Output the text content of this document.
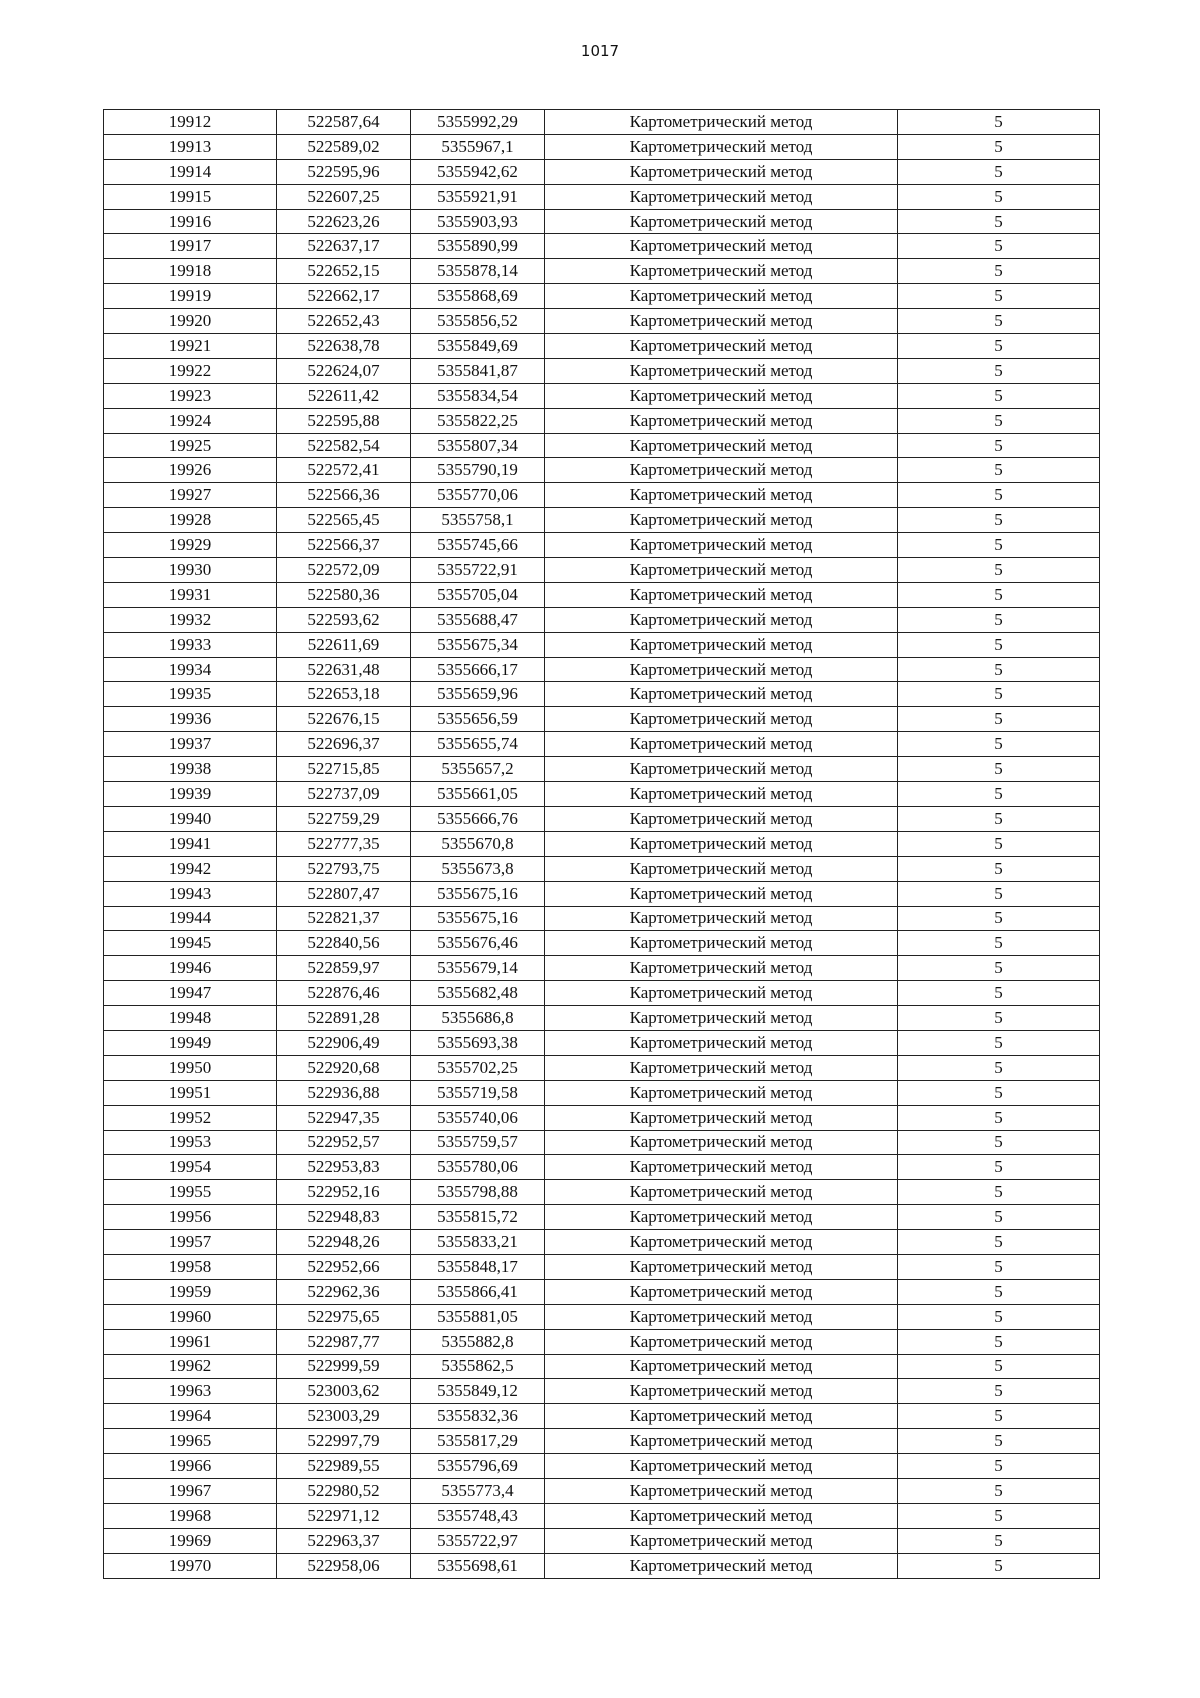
1017
19912	522587,64	5355992,29	Картометрический метод	5
19913	522589,02	5355967,1	Картометрический метод	5
19914	522595,96	5355942,62	Картометрический метод	5
19915	522607,25	5355921,91	Картометрический метод	5
19916	522623,26	5355903,93	Картометрический метод	5
19917	522637,17	5355890,99	Картометрический метод	5
19918	522652,15	5355878,14	Картометрический метод	5
19919	522662,17	5355868,69	Картометрический метод	5
19920	522652,43	5355856,52	Картометрический метод	5
19921	522638,78	5355849,69	Картометрический метод	5
19922	522624,07	5355841,87	Картометрический метод	5
19923	522611,42	5355834,54	Картометрический метод	5
19924	522595,88	5355822,25	Картометрический метод	5
19925	522582,54	5355807,34	Картометрический метод	5
19926	522572,41	5355790,19	Картометрический метод	5
19927	522566,36	5355770,06	Картометрический метод	5
19928	522565,45	5355758,1	Картометрический метод	5
19929	522566,37	5355745,66	Картометрический метод	5
19930	522572,09	5355722,91	Картометрический метод	5
19931	522580,36	5355705,04	Картометрический метод	5
19932	522593,62	5355688,47	Картометрический метод	5
19933	522611,69	5355675,34	Картометрический метод	5
19934	522631,48	5355666,17	Картометрический метод	5
19935	522653,18	5355659,96	Картометрический метод	5
19936	522676,15	5355656,59	Картометрический метод	5
19937	522696,37	5355655,74	Картометрический метод	5
19938	522715,85	5355657,2	Картометрический метод	5
19939	522737,09	5355661,05	Картометрический метод	5
19940	522759,29	5355666,76	Картометрический метод	5
19941	522777,35	5355670,8	Картометрический метод	5
19942	522793,75	5355673,8	Картометрический метод	5
19943	522807,47	5355675,16	Картометрический метод	5
19944	522821,37	5355675,16	Картометрический метод	5
19945	522840,56	5355676,46	Картометрический метод	5
19946	522859,97	5355679,14	Картометрический метод	5
19947	522876,46	5355682,48	Картометрический метод	5
19948	522891,28	5355686,8	Картометрический метод	5
19949	522906,49	5355693,38	Картометрический метод	5
19950	522920,68	5355702,25	Картометрический метод	5
19951	522936,88	5355719,58	Картометрический метод	5
19952	522947,35	5355740,06	Картометрический метод	5
19953	522952,57	5355759,57	Картометрический метод	5
19954	522953,83	5355780,06	Картометрический метод	5
19955	522952,16	5355798,88	Картометрический метод	5
19956	522948,83	5355815,72	Картометрический метод	5
19957	522948,26	5355833,21	Картометрический метод	5
19958	522952,66	5355848,17	Картометрический метод	5
19959	522962,36	5355866,41	Картометрический метод	5
19960	522975,65	5355881,05	Картометрический метод	5
19961	522987,77	5355882,8	Картометрический метод	5
19962	522999,59	5355862,5	Картометрический метод	5
19963	523003,62	5355849,12	Картометрический метод	5
19964	523003,29	5355832,36	Картометрический метод	5
19965	522997,79	5355817,29	Картометрический метод	5
19966	522989,55	5355796,69	Картометрический метод	5
19967	522980,52	5355773,4	Картометрический метод	5
19968	522971,12	5355748,43	Картометрический метод	5
19969	522963,37	5355722,97	Картометрический метод	5
19970	522958,06	5355698,61	Картометрический метод	5
